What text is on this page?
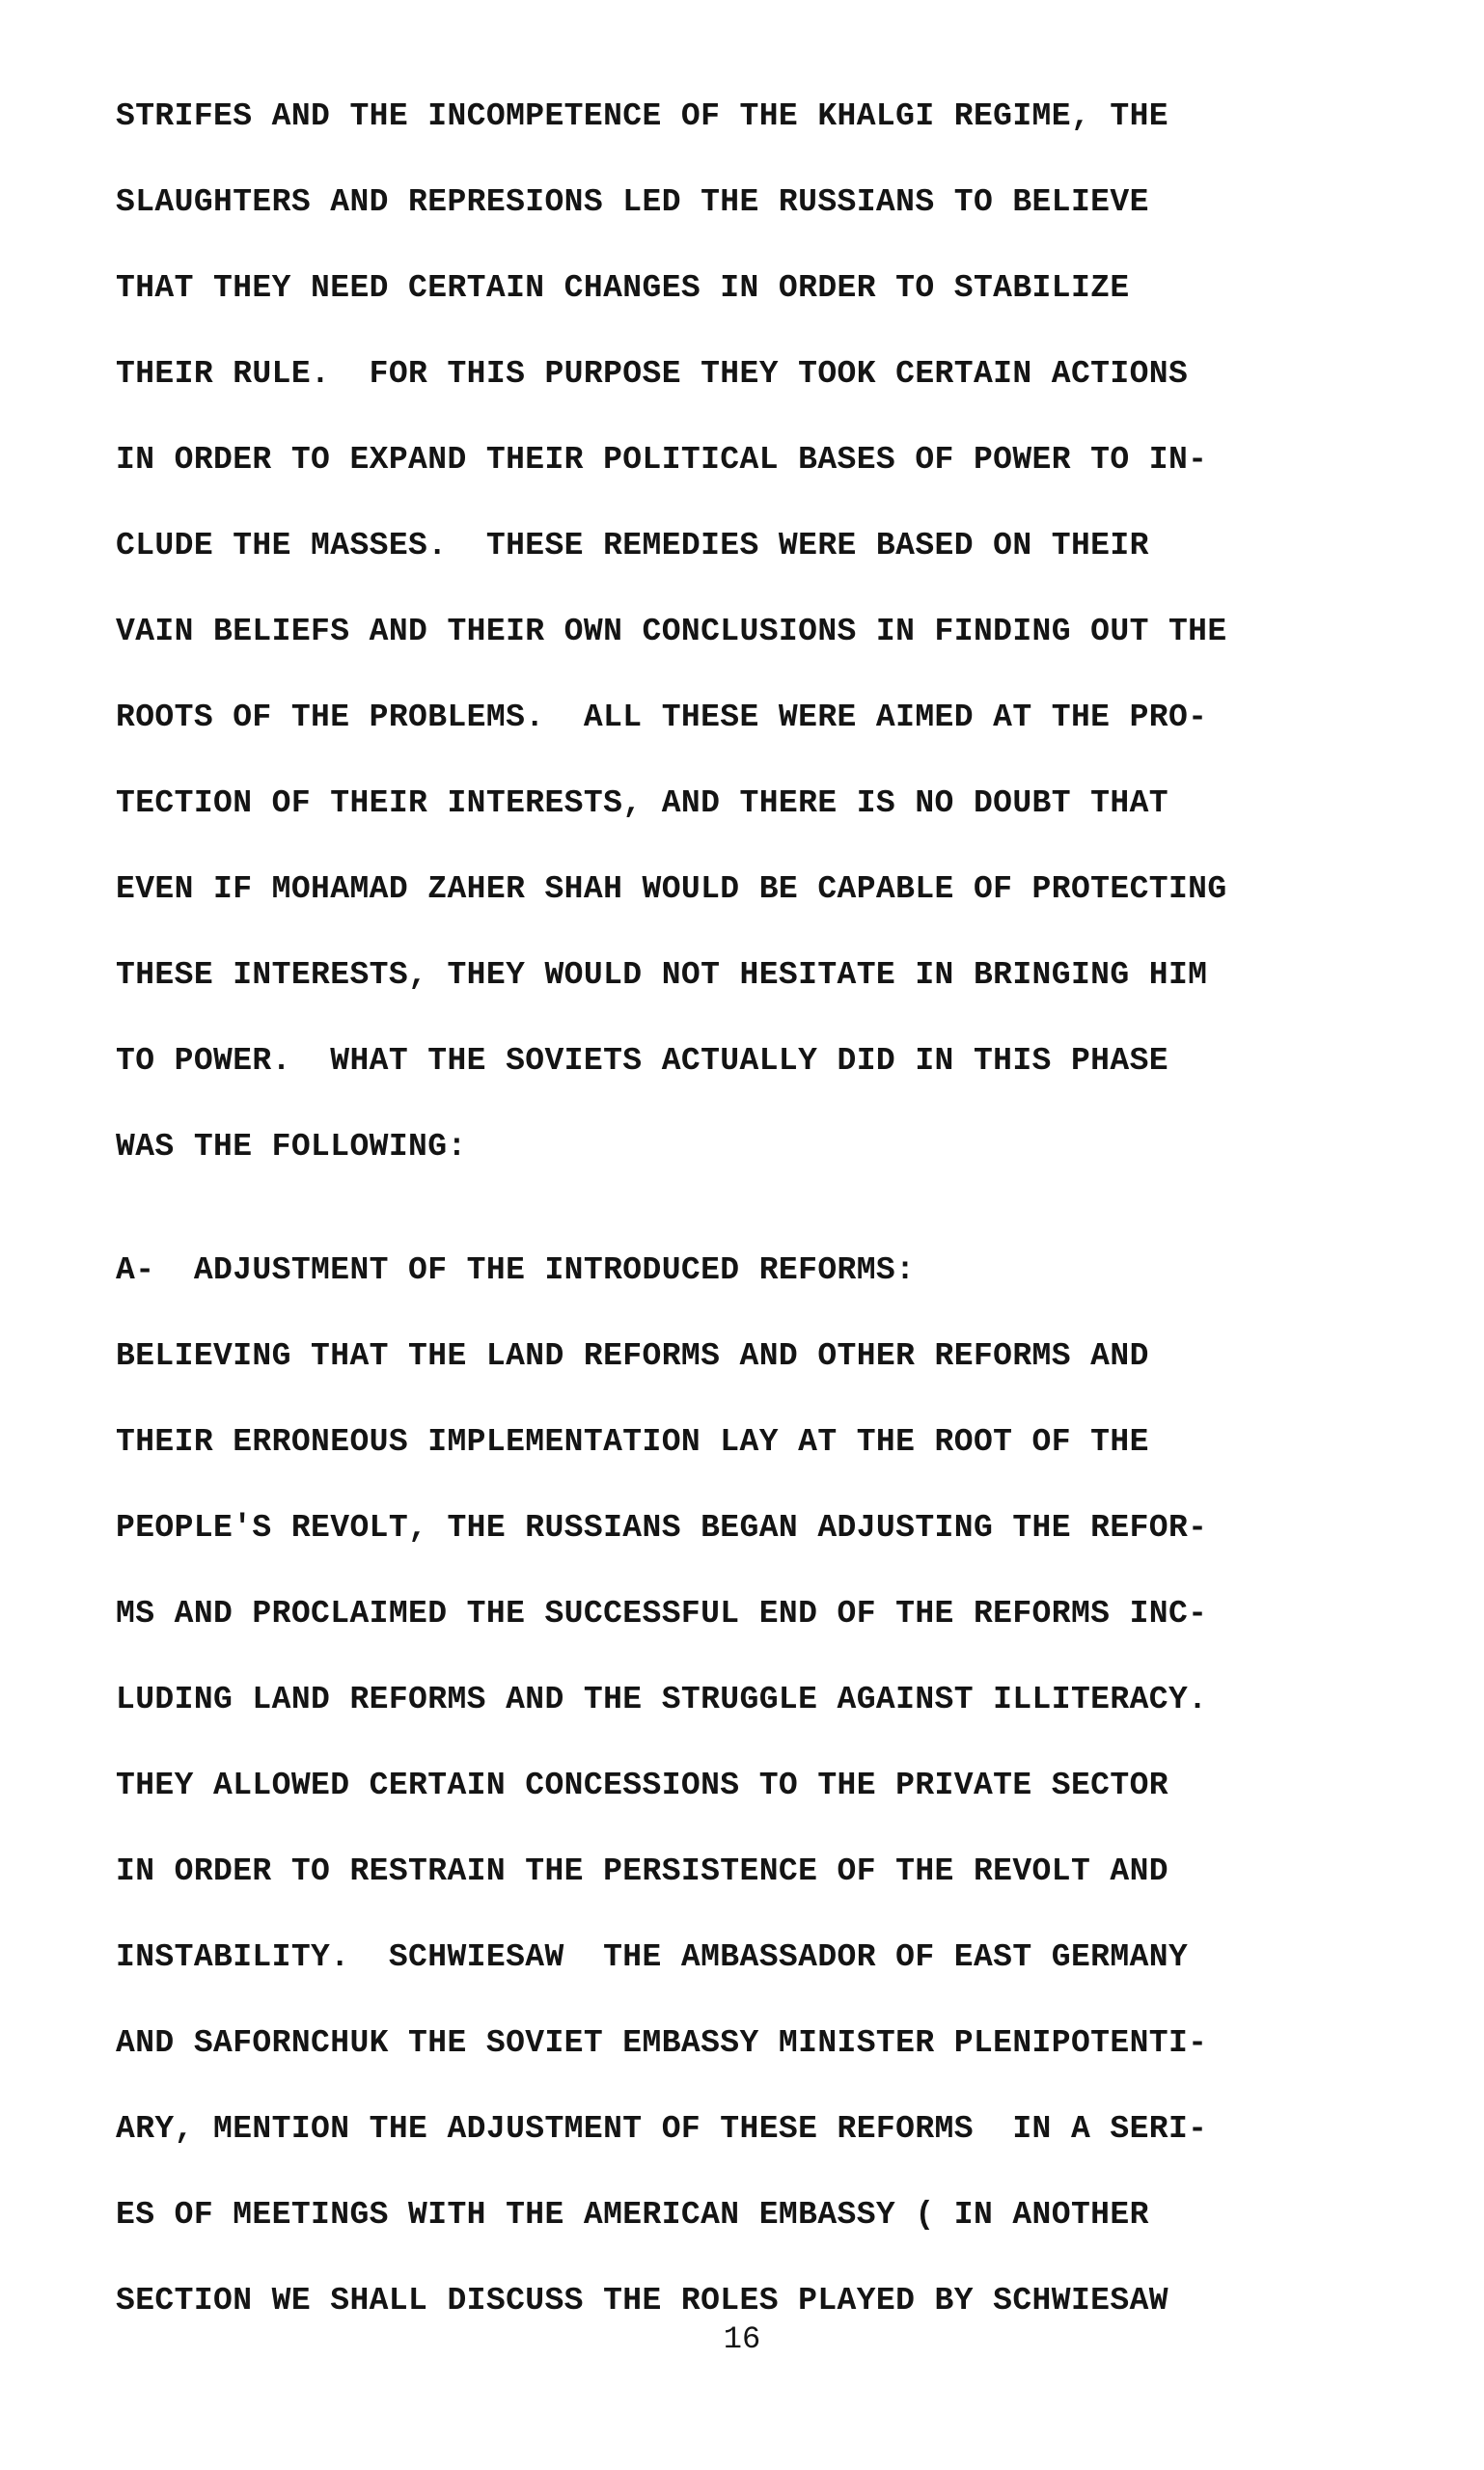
STRIFES AND THE INCOMPETENCE OF THE KHALGI REGIME, THE
SLAUGHTERS AND REPRESIONS LED THE RUSSIANS TO BELIEVE
THAT THEY NEED CERTAIN CHANGES IN ORDER TO STABILIZE
THEIR RULE.  FOR THIS PURPOSE THEY TOOK CERTAIN ACTIONS
IN ORDER TO EXPAND THEIR POLITICAL BASES OF POWER TO IN-
CLUDE THE MASSES.  THESE REMEDIES WERE BASED ON THEIR
VAIN BELIEFS AND THEIR OWN CONCLUSIONS IN FINDING OUT THE
ROOTS OF THE PROBLEMS.  ALL THESE WERE AIMED AT THE PRO-
TECTION OF THEIR INTERESTS, AND THERE IS NO DOUBT THAT
EVEN IF MOHAMAD ZAHER SHAH WOULD BE CAPABLE OF PROTECTING
THESE INTERESTS, THEY WOULD NOT HESITATE IN BRINGING HIM
TO POWER.  WHAT THE SOVIETS ACTUALLY DID IN THIS PHASE
WAS THE FOLLOWING:
A-  ADJUSTMENT OF THE INTRODUCED REFORMS:
BELIEVING THAT THE LAND REFORMS AND OTHER REFORMS AND
THEIR ERRONEOUS IMPLEMENTATION LAY AT THE ROOT OF THE
PEOPLE'S REVOLT, THE RUSSIANS BEGAN ADJUSTING THE REFOR-
MS AND PROCLAIMED THE SUCCESSFUL END OF THE REFORMS INC-
LUDING LAND REFORMS AND THE STRUGGLE AGAINST ILLITERACY.
THEY ALLOWED CERTAIN CONCESSIONS TO THE PRIVATE SECTOR
IN ORDER TO RESTRAIN THE PERSISTENCE OF THE REVOLT AND
INSTABILITY.  SCHWIESAW  THE AMBASSADOR OF EAST GERMANY
AND SAFORNCHUK THE SOVIET EMBASSY MINISTER PLENIPOTENTI-
ARY, MENTION THE ADJUSTMENT OF THESE REFORMS  IN A SERI-
ES OF MEETINGS WITH THE AMERICAN EMBASSY ( IN ANOTHER
SECTION WE SHALL DISCUSS THE ROLES PLAYED BY SCHWIESAW
16
